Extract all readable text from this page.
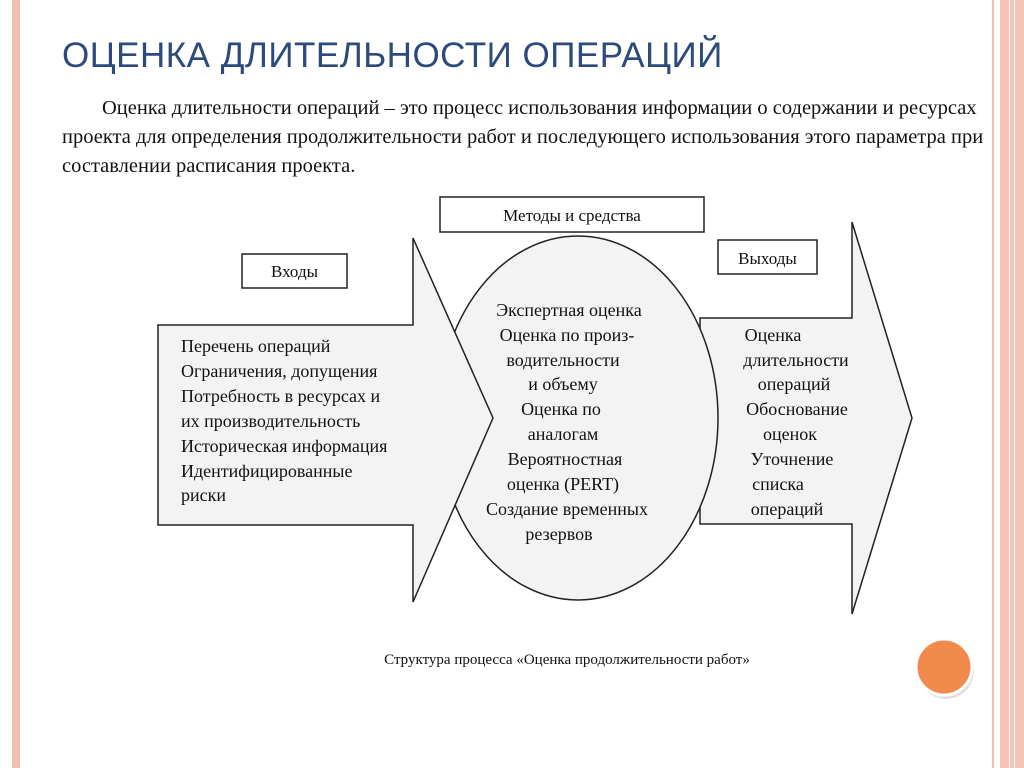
ОЦЕНКА ДЛИТЕЛЬНОСТИ ОПЕРАЦИЙ

Оценка длительности операций – это процесс использования информации о содержании и ресурсах проекта для определения продолжительности работ и последующего использования этого параметра при составлении расписания проекта.

Входы
Методы и средства
Выходы
Перечень операций
Ограничения, допущения
Потребность в ресурсах и
их производительность
Историческая информация
Идентифицированные
риски
Экспертная оценка
Оценка по произ-
водительности
и объему
Оценка по
аналогам
Вероятностная
оценка (PERT)
Создание временных
резервов
Оценка
длительности
операций
Обоснование
оценок
Уточнение
списка
операций
Структура процесса «Оценка продолжительности работ»
